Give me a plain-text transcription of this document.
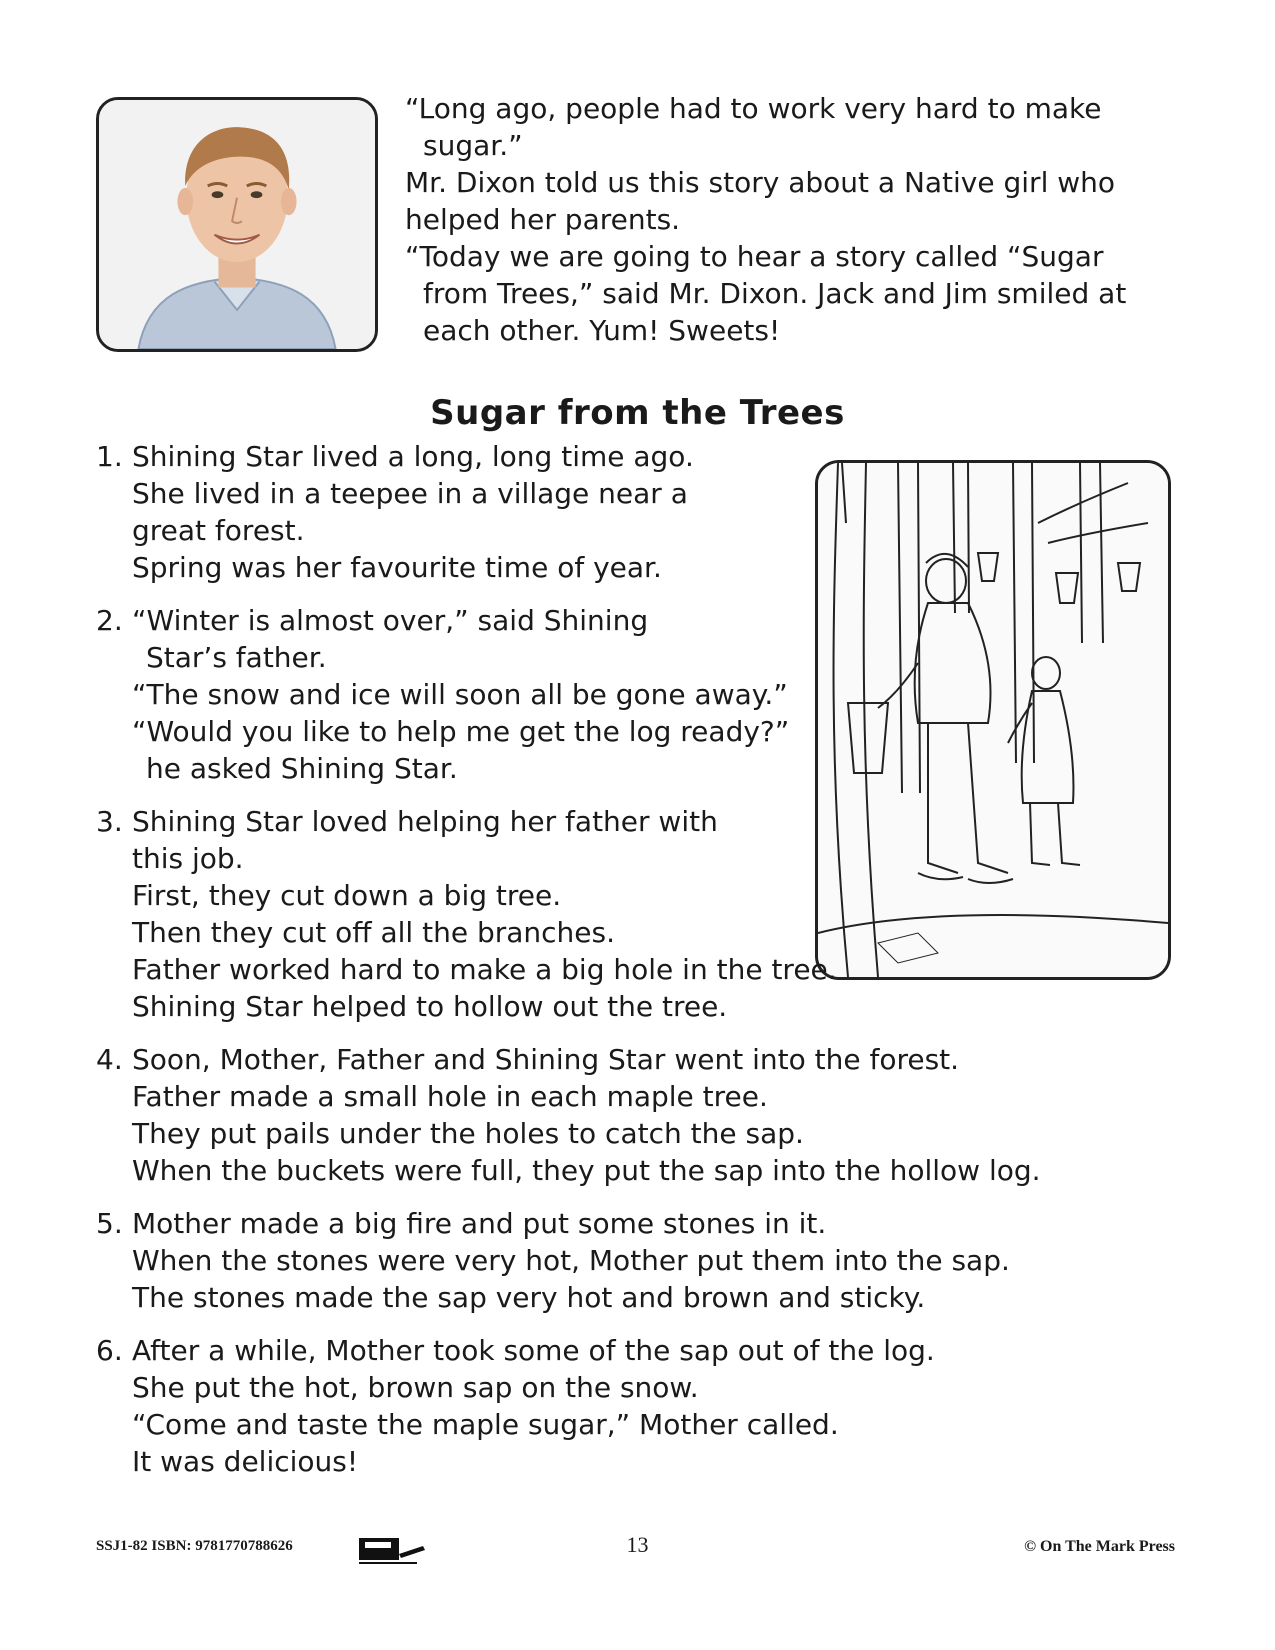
“Long ago, people had to work very hard to make sugar.”

Mr. Dixon told us this story about a Native girl who helped her parents.

“Today we are going to hear a story called “Sugar from Trees,” said Mr. Dixon. Jack and Jim smiled at each other. Yum! Sweets!

Sugar from the Trees
1. Shining Star lived a long, long time ago.
She lived in a teepee in a village near a
great forest.
Spring was her favourite time of year.
2. “Winter is almost over,” said Shining
Star’s father.
“The snow and ice will soon all be gone away.”
“Would you like to help me get the log ready?”
he asked Shining Star.
3. Shining Star loved helping her father with
this job.
First, they cut down a big tree.
Then they cut off all the branches.
Father worked hard to make a big hole in the tree.
Shining Star helped to hollow out the tree.
4. Soon, Mother, Father and Shining Star went into the forest.
Father made a small hole in each maple tree.
They put pails under the holes to catch the sap.
When the buckets were full, they put the sap into the hollow log.
5. Mother made a big fire and put some stones in it.
When the stones were very hot, Mother put them into the sap.
The stones made the sap very hot and brown and sticky.
6. After a while, Mother took some of the sap out of the log.
She put the hot, brown sap on the snow.
“Come and taste the maple sugar,” Mother called.
It was delicious!
SSJ1-82 ISBN: 9781770788626	13	© On The Mark Press
